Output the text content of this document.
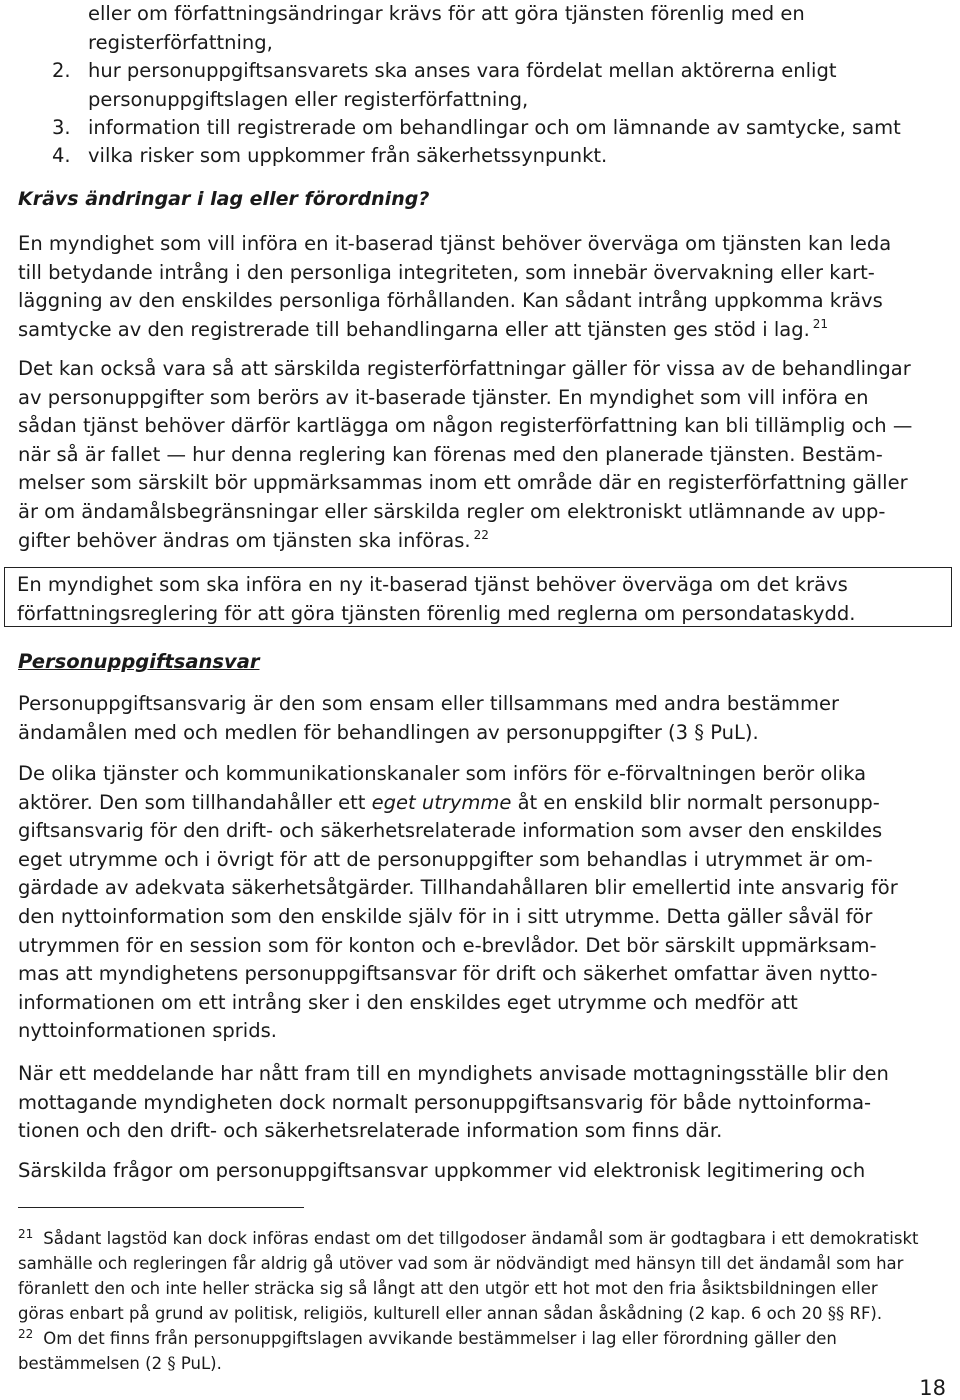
eller om författningsändringar krävs för att göra tjänsten förenlig med en
registerförfattning,
2. hur personuppgiftsansvarets ska anses vara fördelat mellan aktörerna enligt
personuppgiftslagen eller registerförfattning,
3. information till registrerade om behandlingar och om lämnande av samtycke, samt
4. vilka risker som uppkommer från säkerhetssynpunkt.
Krävs ändringar i lag eller förordning?
En myndighet som vill införa en it-baserad tjänst behöver överväga om tjänsten kan leda
till betydande intrång i den personliga integriteten, som innebär övervakning eller kart-
läggning av den enskildes personliga förhållanden. Kan sådant intrång uppkomma krävs
samtycke av den registrerade till behandlingarna eller att tjänsten ges stöd i lag. $^{21}$
Det kan också vara så att särskilda registerförfattningar gäller för vissa av de behandlingar
av personuppgifter som berörs av it-baserade tjänster. En myndighet som vill införa en
sådan tjänst behöver därför kartlägga om någon registerförfattning kan bli tillämplig och —
när så är fallet — hur denna reglering kan förenas med den planerade tjänsten. Bestäm-
melser som särskilt bör uppmärksammas inom ett område där en registerförfattning gäller
är om ändamålsbegränsningar eller särskilda regler om elektroniskt utlämnande av upp-
gifter behöver ändras om tjänsten ska införas. $^{22}$
En myndighet som ska införa en ny it-baserad tjänst behöver överväga om det krävs
författningsreglering för att göra tjänsten förenlig med reglerna om persondataskydd.
Personuppgiftsansvar
Personuppgiftsansvarig är den som ensam eller tillsammans med andra bestämmer
ändamålen med och medlen för behandlingen av personuppgifter (3 § PuL).
De olika tjänster och kommunikationskanaler som införs för e-förvaltningen berör olika
aktörer. Den som tillhandahåller ett eget utrymme åt en enskild blir normalt personupp-
giftsansvarig för den drift- och säkerhetsrelaterade information som avser den enskildes
eget utrymme och i övrigt för att de personuppgifter som behandlas i utrymmet är om-
gärdade av adekvata säkerhetsåtgärder. Tillhandahållaren blir emellertid inte ansvarig för
den nyttoinformation som den enskilde själv för in i sitt utrymme. Detta gäller såväl för
utrymmen för en session som för konton och e-brevlådor. Det bör särskilt uppmärksam-
mas att myndighetens personuppgiftsansvar för drift och säkerhet omfattar även nytto-
informationen om ett intrång sker i den enskildes eget utrymme och medför att
nyttoinformationen sprids.
När ett meddelande har nått fram till en myndighets anvisade mottagningsställe blir den
mottagande myndigheten dock normalt personuppgiftsansvarig för både nyttoinforma-
tionen och den drift- och säkerhetsrelaterade information som finns där.
Särskilda frågor om personuppgiftsansvar uppkommer vid elektronisk legitimering och
$^{21}$ Sådant lagstöd kan dock införas endast om det tillgodoser ändamål som är godtagbara i ett demokratiskt
samhälle och regleringen får aldrig gå utöver vad som är nödvändigt med hänsyn till det ändamål som har
föranlett den och inte heller sträcka sig så långt att den utgör ett hot mot den fria åsiktsbildningen eller
göras enbart på grund av politisk, religiös, kulturell eller annan sådan åskådning (2 kap. 6 och 20 §§ RF).
$^{22}$ Om det finns från personuppgiftslagen avvikande bestämmelser i lag eller förordning gäller den
bestämmelsen (2 § PuL).
18
